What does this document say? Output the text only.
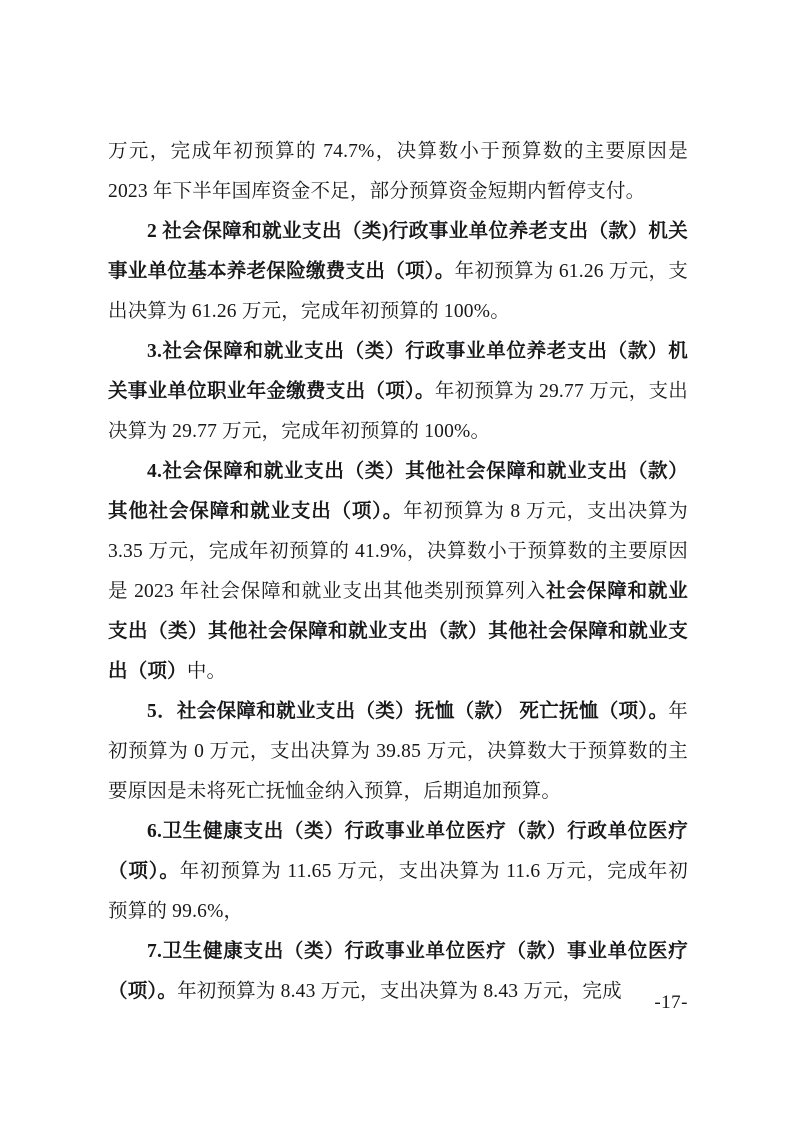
万元，完成年初预算的 74.7%，决算数小于预算数的主要原因是 2023 年下半年国库资金不足，部分预算资金短期内暂停支付。

2 社会保障和就业支出（类)行政事业单位养老支出（款）机关事业单位基本养老保险缴费支出（项）。年初预算为 61.26 万元，支出决算为 61.26 万元，完成年初预算的 100%。

3.社会保障和就业支出（类）行政事业单位养老支出（款）机关事业单位职业年金缴费支出（项）。年初预算为 29.77 万元，支出决算为 29.77 万元，完成年初预算的 100%。

4.社会保障和就业支出（类）其他社会保障和就业支出（款）其他社会保障和就业支出（项）。年初预算为 8 万元，支出决算为 3.35 万元，完成年初预算的 41.9%，决算数小于预算数的主要原因是 2023 年社会保障和就业支出其他类别预算列入社会保障和就业支出（类）其他社会保障和就业支出（款）其他社会保障和就业支出（项）中。

5．社会保障和就业支出（类）抚恤（款） 死亡抚恤（项）。年初预算为 0 万元，支出决算为 39.85 万元，决算数大于预算数的主要原因是未将死亡抚恤金纳入预算，后期追加预算。

6.卫生健康支出（类）行政事业单位医疗（款）行政单位医疗（项）。年初预算为 11.65 万元，支出决算为 11.6 万元，完成年初预算的 99.6%，

7.卫生健康支出（类）行政事业单位医疗（款）事业单位医疗（项）。年初预算为 8.43 万元，支出决算为 8.43 万元，完成

-17-
